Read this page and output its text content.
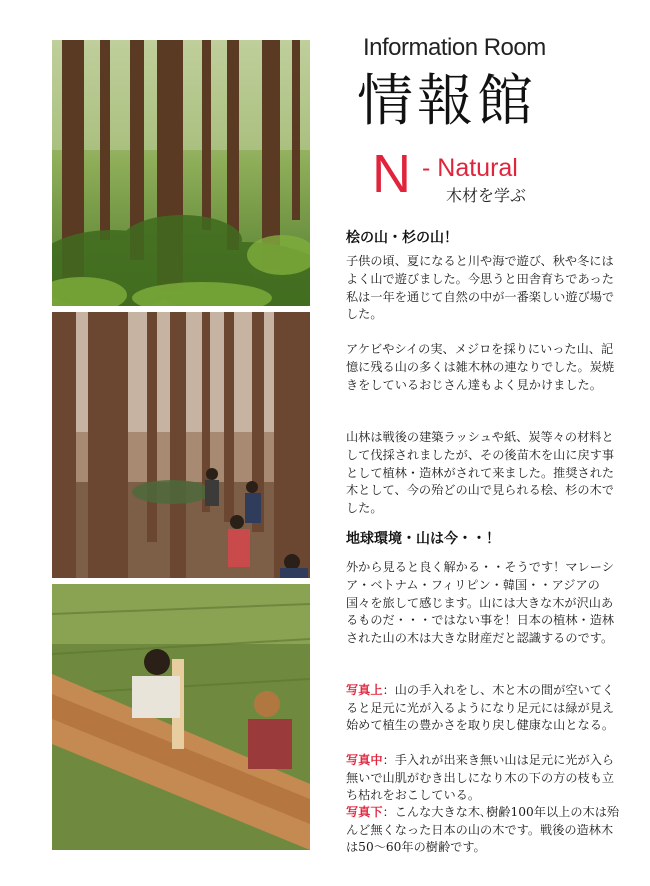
Information Room
情報館
N - Natural
木材を学ぶ
桧の山・杉の山！

子供の頃、夏になると川や海で遊び、秋や冬にはよく山で遊びました。今思うと田舎育ちであった私は一年を通じて自然の中が一番楽しい遊び場でした。

アケビやシイの実、メジロを採りにいった山、記憶に残る山の多くは雑木林の連なりでした。炭焼きをしているおじさん達もよく見かけました。

山林は戦後の建築ラッシュや紙、炭等々の材料として伐採されましたが、その後苗木を山に戻す事として植林・造林がされて来ました。推奨された木として、今の殆どの山で見られる桧、杉の木でした。

地球環境・山は今・・！

外から見ると良く解かる・・そうです！マレーシア・ベトナム・フィリピン・韓国・・アジアの国々を旅して感じます。山には大きな木が沢山あるものだ・・・ではない事を！日本の植林・造林された山の木は大きな財産だと認識するのです。

写真上：山の手入れをし、木と木の間が空いてくると足元に光が入るようになり足元には緑が見え始めて植生の豊かさを取り戻し健康な山となる。

写真中：手入れが出来き無い山は足元に光が入ら無いで山肌がむき出しになり木の下の方の枝も立ち枯れをおこしている。

写真下：こんな大きな木､樹齢100年以上の木は殆んど無くなった日本の山の木です。戦後の造林木は50〜60年の樹齢です。
